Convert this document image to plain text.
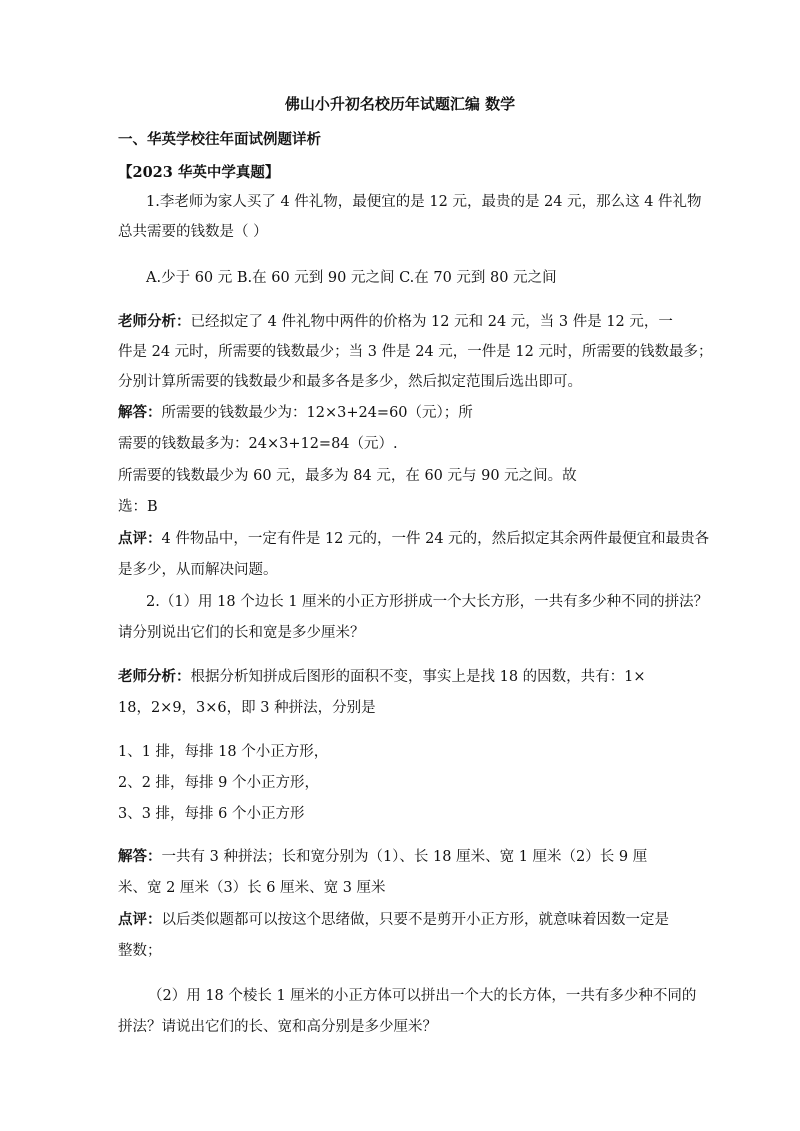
佛山小升初名校历年试题汇编 数学
一、华英学校往年面试例题详析
【2023 华英中学真题】
1.李老师为家人买了 4 件礼物，最便宜的是 12 元，最贵的是 24 元，那么这 4 件礼物
总共需要的钱数是（ ）
A.少于 60 元 B.在 60 元到 90 元之间 C.在 70 元到 80 元之间
老师分析：已经拟定了 4 件礼物中两件的价格为 12 元和 24 元，当 3 件是 12 元，一
件是 24 元时，所需要的钱数最少；当 3 件是 24 元，一件是 12 元时，所需要的钱数最多；
分别计算所需要的钱数最少和最多各是多少，然后拟定范围后选出即可。
解答：所需要的钱数最少为：12×3+24=60（元）；所
需要的钱数最多为：24×3+12=84（元）.
所需要的钱数最少为 60 元，最多为 84 元，在 60 元与 90 元之间。故
选：B
点评：4 件物品中，一定有件是 12 元的，一件 24 元的，然后拟定其余两件最便宜和最贵各
是多少，从而解决问题。
2.（1）用 18 个边长 1 厘米的小正方形拼成一个大长方形，一共有多少种不同的拼法？
请分别说出它们的长和宽是多少厘米？
老师分析：根据分析知拼成后图形的面积不变，事实上是找 18 的因数，共有：1×
18，2×9，3×6，即 3 种拼法，分别是
1、1 排，每排 18 个小正方形，
2、2 排，每排 9 个小正方形，
3、3 排，每排 6 个小正方形
解答：一共有 3 种拼法；长和宽分别为（1）、长 18 厘米、宽 1 厘米（2）长 9 厘
米、宽 2 厘米（3）长 6 厘米、宽 3 厘米
点评：以后类似题都可以按这个思绪做，只要不是剪开小正方形，就意味着因数一定是
整数；
（2）用 18 个棱长 1 厘米的小正方体可以拼出一个大的长方体，一共有多少种不同的
拼法？请说出它们的长、宽和高分别是多少厘米？
